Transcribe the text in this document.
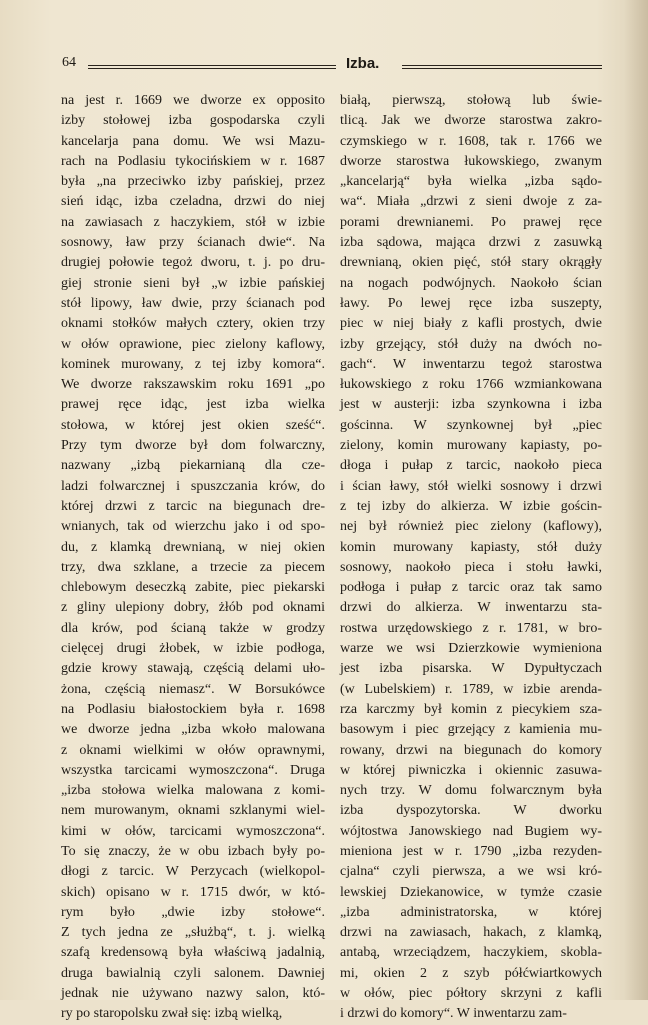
64	Izba.
na jest r. 1669 we dworze ex opposito
izby stołowej izba gospodarska czyli
kancelarja pana domu. We wsi Mazu-
rach na Podlasiu tykocińskiem w r. 1687
była „na przeciwko izby pańskiej, przez
sień idąc, izba czeladna, drzwi do niej
na zawiasach z haczykiem, stół w izbie
sosnowy, ław przy ścianach dwie“. Na
drugiej połowie tegoż dworu, t. j. po dru-
giej stronie sieni był „w izbie pańskiej
stół lipowy, ław dwie, przy ścianach pod
oknami stołków małych cztery, okien trzy
w ołów oprawione, piec zielony kaflowy,
kominek murowany, z tej izby komora“.
We dworze rakszawskim roku 1691 „po
prawej ręce idąc, jest izba wielka
stołowa, w której jest okien sześć“.
Przy tym dworze był dom folwarczny,
nazwany „izbą piekarnianą dla cze-
ladzi folwarcznej i spuszczania krów, do
której drzwi z tarcic na biegunach dre-
wnianych, tak od wierzchu jako i od spo-
du, z klamką drewnianą, w niej okien
trzy, dwa szklane, a trzecie za piecem
chlebowym deseczką zabite, piec piekarski
z gliny ulepiony dobry, żłób pod oknami
dla krów, pod ścianą także w grodzy
cielęcej drugi żłobek, w izbie podłoga,
gdzie krowy stawają, częścią delami uło-
żona, częścią niemasz“. W Borsukówce
na Podlasiu białostockiem była r. 1698
we dworze jedna „izba wkoło malowana
z oknami wielkimi w ołów oprawnymi,
wszystka tarcicami wymoszczona“. Druga
„izba stołowa wielka malowana z komi-
nem murowanym, oknami szklanymi wiel-
kimi w ołów, tarcicami wymoszczona“.
To się znaczy, że w obu izbach były po-
dłogi z tarcic. W Perzycach (wielkopol-
skich) opisano w r. 1715 dwór, w któ-
rym było „dwie izby stołowe“.
Z tych jedna ze „służbą“, t. j. wielką
szafą kredensową była właściwą jadalnią,
druga bawialnią czyli salonem. Dawniej
jednak nie używano nazwy salon, któ-
ry po staropolsku zwał się: izbą wielką,
białą, pierwszą, stołową lub świe-
tlicą. Jak we dworze starostwa zakro-
czymskiego w r. 1608, tak r. 1766 we
dworze starostwa łukowskiego, zwanym
„kancelarją“ była wielka „izba sądo-
wa“. Miała „drzwi z sieni dwoje z za-
porami drewnianemi. Po prawej ręce
izba sądowa, mająca drzwi z zasuwką
drewnianą, okien pięć, stół stary okrągły
na nogach podwójnych. Naokoło ścian
ławy. Po lewej ręce izba suszepty,
piec w niej biały z kafli prostych, dwie
izby grzejący, stół duży na dwóch no-
gach“. W inwentarzu tegoż starostwa
łukowskiego z roku 1766 wzmiankowana
jest w austerji: izba szynkowna i izba
gościnna. W szynkownej był „piec
zielony, komin murowany kapiasty, po-
dłoga i pułap z tarcic, naokoło pieca
i ścian ławy, stół wielki sosnowy i drzwi
z tej izby do alkierza. W izbie gościn-
nej był również piec zielony (kaflowy),
komin murowany kapiasty, stół duży
sosnowy, naokoło pieca i stołu ławki,
podłoga i pułap z tarcic oraz tak samo
drzwi do alkierza. W inwentarzu sta-
rostwa urzędowskiego z r. 1781, w bro-
warze we wsi Dzierzkowie wymieniona
jest izba pisarska. W Dypułtyczach
(w Lubelskiem) r. 1789, w izbie arenda-
rza karczmy był komin z piecykiem sza-
basowym i piec grzejący z kamienia mu-
rowany, drzwi na biegunach do komory
w której piwniczka i okiennic zasuwa-
nych trzy. W domu folwarcznym była
izba dyspozytorska. W dworku
wójtostwa Janowskiego nad Bugiem wy-
mieniona jest w r. 1790 „izba rezyden-
cjalna“ czyli pierwsza, a we wsi kró-
lewskiej Dziekanowice, w tymże czasie
„izba administratorska, w której
drzwi na zawiasach, hakach, z klamką,
antabą, wrzeciądzem, haczykiem, skobla-
mi, okien 2 z szyb półćwiartkowych
w ołów, piec półtory skrzyni z kafli
i drzwi do komory“. W inwentarzu zam-
